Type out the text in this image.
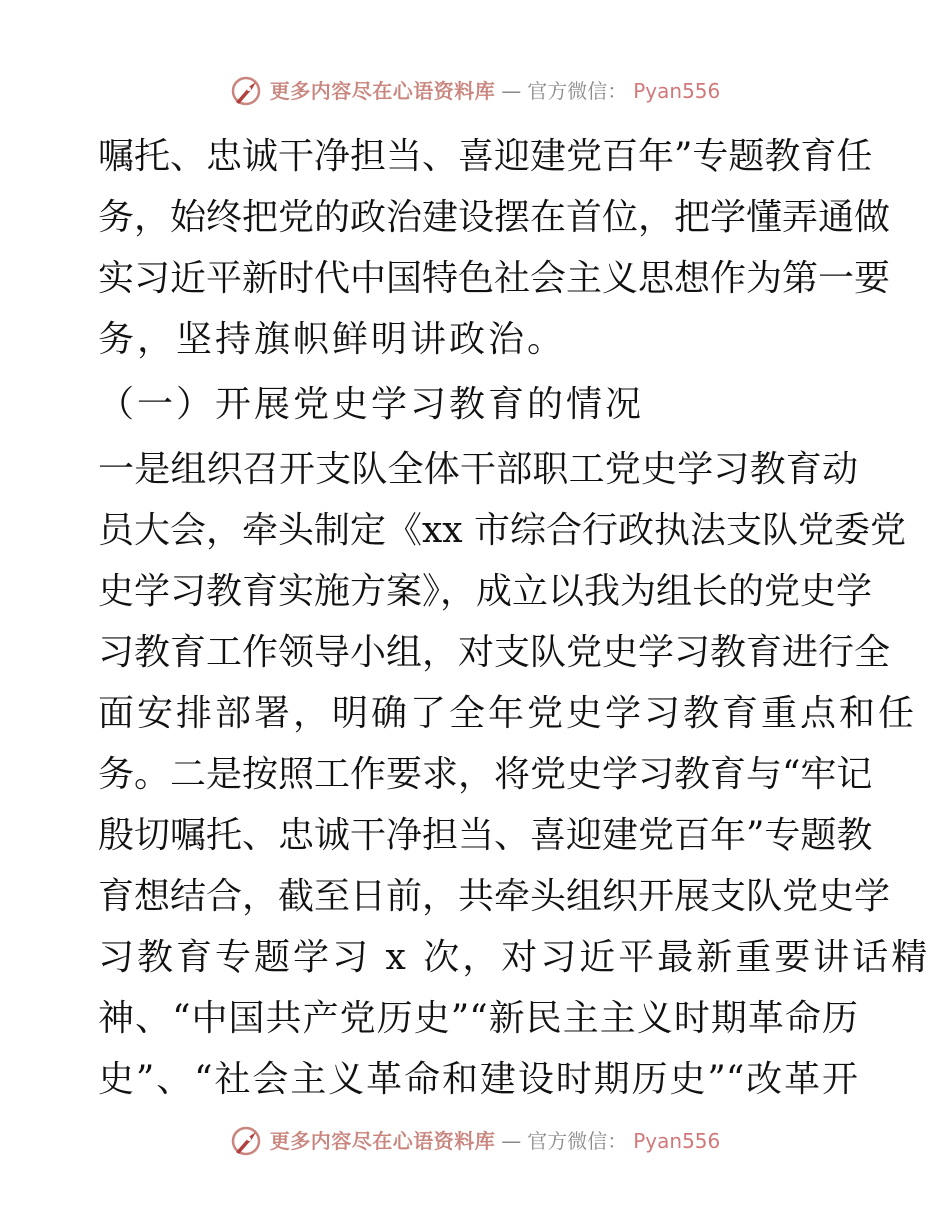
更多内容尽在心语资料库 — 官方微信： Pyan556
嘱托、忠诚干净担当、喜迎建党百年”专题教育任
务，始终把党的政治建设摆在首位，把学懂弄通做
实习近平新时代中国特色社会主义思想作为第一要
务，坚持旗帜鲜明讲政治。
（一）开展党史学习教育的情况
一是组织召开支队全体干部职工党史学习教育动
员大会，牵头制定《xx 市综合行政执法支队党委党
史学习教育实施方案》，成立以我为组长的党史学
习教育工作领导小组，对支队党史学习教育进行全
面安排部署，明确了全年党史学习教育重点和任
务。二是按照工作要求，将党史学习教育与“牢记
殷切嘱托、忠诚干净担当、喜迎建党百年”专题教
育想结合，截至日前，共牵头组织开展支队党史学
习教育专题学习 x 次，对习近平最新重要讲话精
神、“中国共产党历史”“新民主主义时期革命历
史”、“社会主义革命和建设时期历史”“改革开
更多内容尽在心语资料库 — 官方微信： Pyan556
